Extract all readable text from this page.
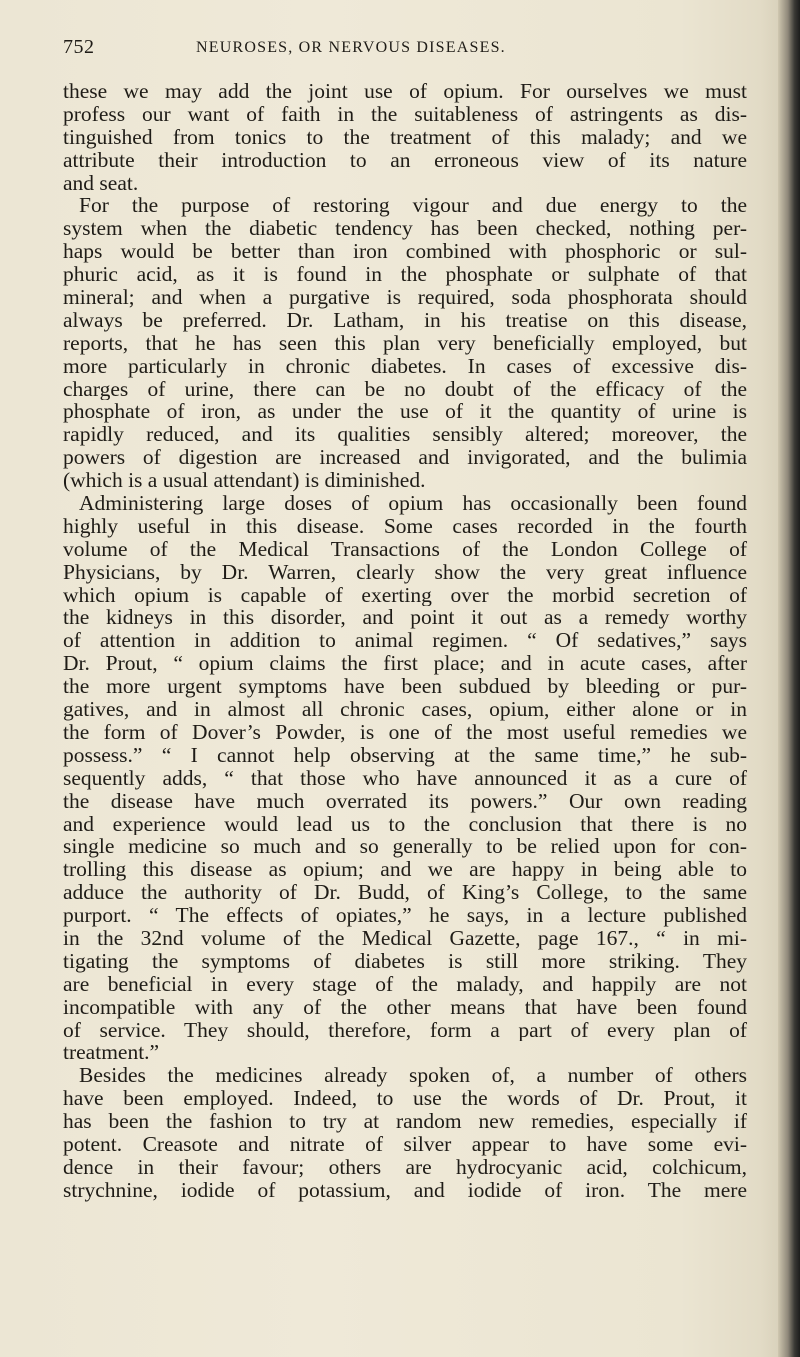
752	NEUROSES, OR NERVOUS DISEASES.
these we may add the joint use of opium. For ourselves we must
profess our want of faith in the suitableness of astringents as dis-
tinguished from tonics to the treatment of this malady; and we
attribute their introduction to an erroneous view of its nature
and seat.
For the purpose of restoring vigour and due energy to the
system when the diabetic tendency has been checked, nothing per-
haps would be better than iron combined with phosphoric or sul-
phuric acid, as it is found in the phosphate or sulphate of that
mineral; and when a purgative is required, soda phosphorata should
always be preferred. Dr. Latham, in his treatise on this disease,
reports, that he has seen this plan very beneficially employed, but
more particularly in chronic diabetes. In cases of excessive dis-
charges of urine, there can be no doubt of the efficacy of the
phosphate of iron, as under the use of it the quantity of urine is
rapidly reduced, and its qualities sensibly altered; moreover, the
powers of digestion are increased and invigorated, and the bulimia
(which is a usual attendant) is diminished.
Administering large doses of opium has occasionally been found
highly useful in this disease. Some cases recorded in the fourth
volume of the Medical Transactions of the London College of
Physicians, by Dr. Warren, clearly show the very great influence
which opium is capable of exerting over the morbid secretion of
the kidneys in this disorder, and point it out as a remedy worthy
of attention in addition to animal regimen. “ Of sedatives,” says
Dr. Prout, “ opium claims the first place; and in acute cases, after
the more urgent symptoms have been subdued by bleeding or pur-
gatives, and in almost all chronic cases, opium, either alone or in
the form of Dover’s Powder, is one of the most useful remedies we
possess.” “ I cannot help observing at the same time,” he sub-
sequently adds, “ that those who have announced it as a cure of
the disease have much overrated its powers.” Our own reading
and experience would lead us to the conclusion that there is no
single medicine so much and so generally to be relied upon for con-
trolling this disease as opium; and we are happy in being able to
adduce the authority of Dr. Budd, of King’s College, to the same
purport. “ The effects of opiates,” he says, in a lecture published
in the 32nd volume of the Medical Gazette, page 167., “ in mi-
tigating the symptoms of diabetes is still more striking. They
are beneficial in every stage of the malady, and happily are not
incompatible with any of the other means that have been found
of service. They should, therefore, form a part of every plan of
treatment.”
Besides the medicines already spoken of, a number of others
have been employed. Indeed, to use the words of Dr. Prout, it
has been the fashion to try at random new remedies, especially if
potent. Creasote and nitrate of silver appear to have some evi-
dence in their favour; others are hydrocyanic acid, colchicum,
strychnine, iodide of potassium, and iodide of iron. The mere
